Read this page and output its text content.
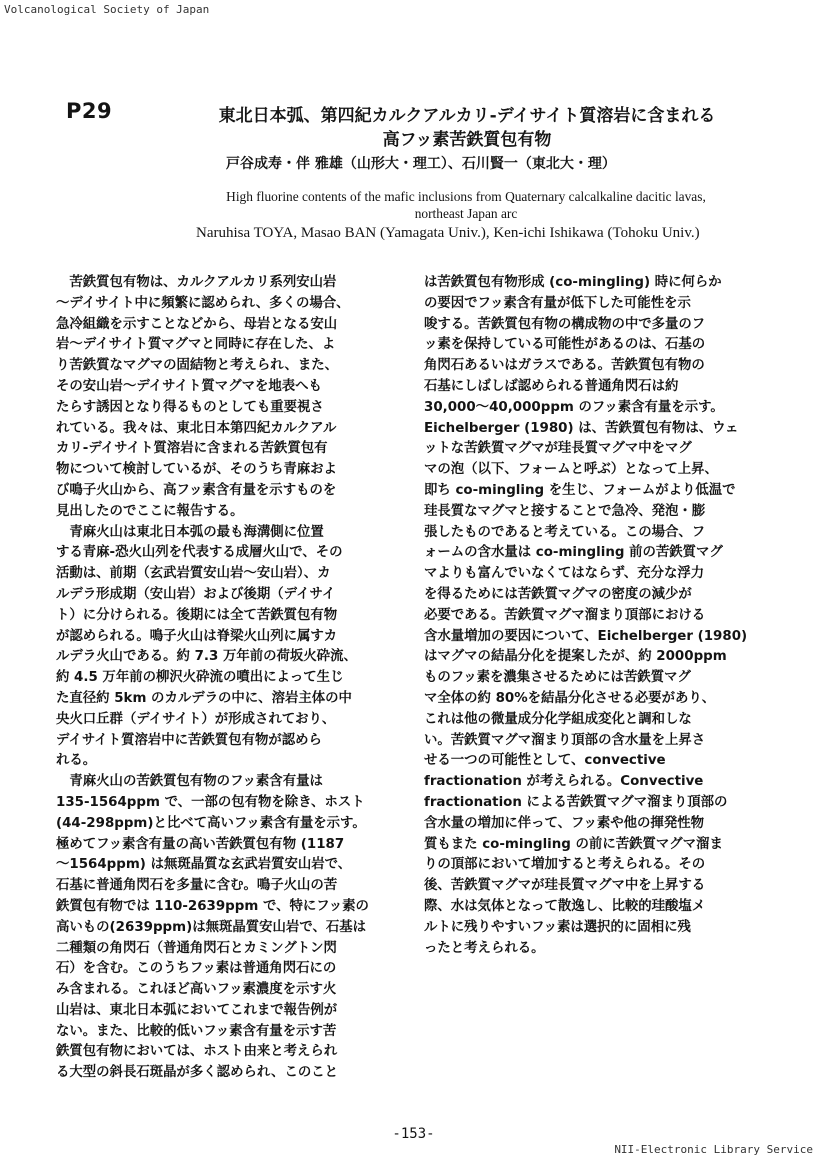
Volcanological Society of Japan
P29	東北日本弧、第四紀カルクアルカリ-デイサイト質溶岩に含まれる
高フッ素苦鉄質包有物
戸谷成寿・伴 雅雄（山形大・理工）、石川賢一（東北大・理）
High fluorine contents of the mafic inclusions from Quaternary calcalkaline dacitic lavas,
northeast Japan arc
Naruhisa TOYA, Masao BAN (Yamagata Univ.), Ken-ichi Ishikawa (Tohoku Univ.)
　苦鉄質包有物は、カルクアルカリ系列安山岩
～デイサイト中に頻繁に認められ、多くの場合、
急冷組織を示すことなどから、母岩となる安山
岩～デイサイト質マグマと同時に存在した、よ
り苦鉄質なマグマの固結物と考えられ、また、
その安山岩～デイサイト質マグマを地表へも
たらす誘因となり得るものとしても重要視さ
れている。我々は、東北日本第四紀カルクアル
カリ-デイサイト質溶岩に含まれる苦鉄質包有
物について検討しているが、そのうち青麻およ
び鳴子火山から、高フッ素含有量を示すものを
見出したのでここに報告する。
　青麻火山は東北日本弧の最も海溝側に位置
する青麻-恐火山列を代表する成層火山で、その
活動は、前期（玄武岩質安山岩～安山岩）、カ
ルデラ形成期（安山岩）および後期（デイサイ
ト）に分けられる。後期には全て苦鉄質包有物
が認められる。鳴子火山は脊梁火山列に属すカ
ルデラ火山である。約 7.3 万年前の荷坂火砕流、
約 4.5 万年前の柳沢火砕流の噴出によって生じ
た直径約 5km のカルデラの中に、溶岩主体の中
央火口丘群（デイサイト）が形成されており、
デイサイト質溶岩中に苦鉄質包有物が認めら
れる。
　青麻火山の苦鉄質包有物のフッ素含有量は
135-1564ppm で、一部の包有物を除き、ホスト
(44-298ppm)と比べて高いフッ素含有量を示す。
極めてフッ素含有量の高い苦鉄質包有物 (1187
～1564ppm) は無斑晶質な玄武岩質安山岩で、
石基に普通角閃石を多量に含む。鳴子火山の苦
鉄質包有物では 110-2639ppm で、特にフッ素の
高いもの(2639ppm)は無斑晶質安山岩で、石基は
二種類の角閃石（普通角閃石とカミングトン閃
石）を含む。このうちフッ素は普通角閃石にの
み含まれる。これほど高いフッ素濃度を示す火
山岩は、東北日本弧においてこれまで報告例が
ない。また、比較的低いフッ素含有量を示す苦
鉄質包有物においては、ホスト由来と考えられ
る大型の斜長石斑晶が多く認められ、このこと
は苦鉄質包有物形成 (co-mingling) 時に何らか
の要因でフッ素含有量が低下した可能性を示
唆する。苦鉄質包有物の構成物の中で多量のフ
ッ素を保持している可能性があるのは、石基の
角閃石あるいはガラスである。苦鉄質包有物の
石基にしばしば認められる普通角閃石は約
30,000～40,000ppm のフッ素含有量を示す。
Eichelberger (1980) は、苦鉄質包有物は、ウェ
ットな苦鉄質マグマが珪長質マグマ中をマグ
マの泡（以下、フォームと呼ぶ）となって上昇、
即ち co-mingling を生じ、フォームがより低温で
珪長質なマグマと接することで急冷、発泡・膨
張したものであると考えている。この場合、フ
ォームの含水量は co-mingling 前の苦鉄質マグ
マよりも富んでいなくてはならず、充分な浮力
を得るためには苦鉄質マグマの密度の減少が
必要である。苦鉄質マグマ溜まり頂部における
含水量増加の要因について、Eichelberger (1980)
はマグマの結晶分化を提案したが、約 2000ppm
ものフッ素を濃集させるためには苦鉄質マグ
マ全体の約 80%を結晶分化させる必要があり、
これは他の微量成分化学組成変化と調和しな
い。苦鉄質マグマ溜まり頂部の含水量を上昇さ
せる一つの可能性として、convective
fractionation が考えられる。Convective
fractionation による苦鉄質マグマ溜まり頂部の
含水量の増加に伴って、フッ素や他の揮発性物
質もまた co-mingling の前に苦鉄質マグマ溜ま
りの頂部において増加すると考えられる。その
後、苦鉄質マグマが珪長質マグマ中を上昇する
際、水は気体となって散逸し、比較的珪酸塩メ
ルトに残りやすいフッ素は選択的に固相に残
ったと考えられる。
-153-
NII-Electronic Library Service
